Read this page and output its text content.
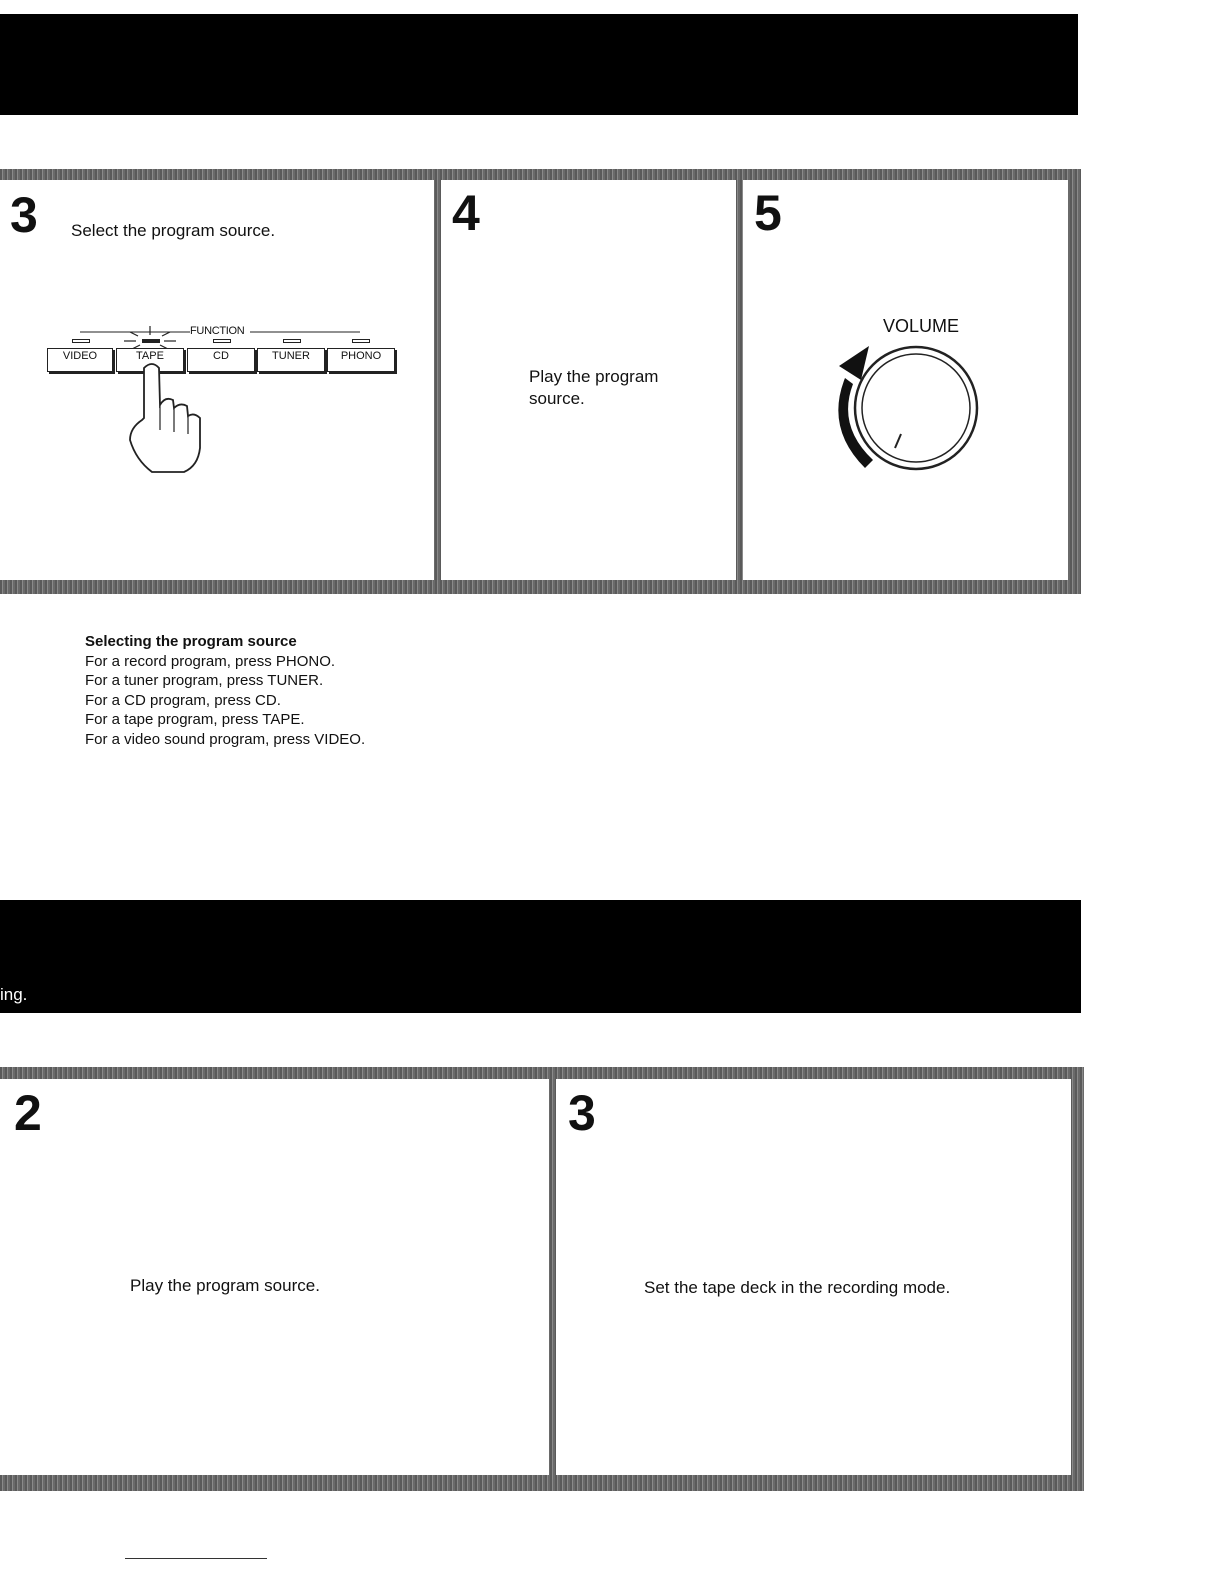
3 Select the program source.
FUNCTION
VIDEO	TAPE	CD	TUNER	PHONO
4
Play the program
source.
5
VOLUME
Selecting the program source
For a record program, press PHONO.
For a tuner program, press TUNER.
For a CD program, press CD.
For a tape program, press TAPE.
For a video sound program, press VIDEO.
ing.
2
Play the program source.
3
Set the tape deck in the recording mode.
